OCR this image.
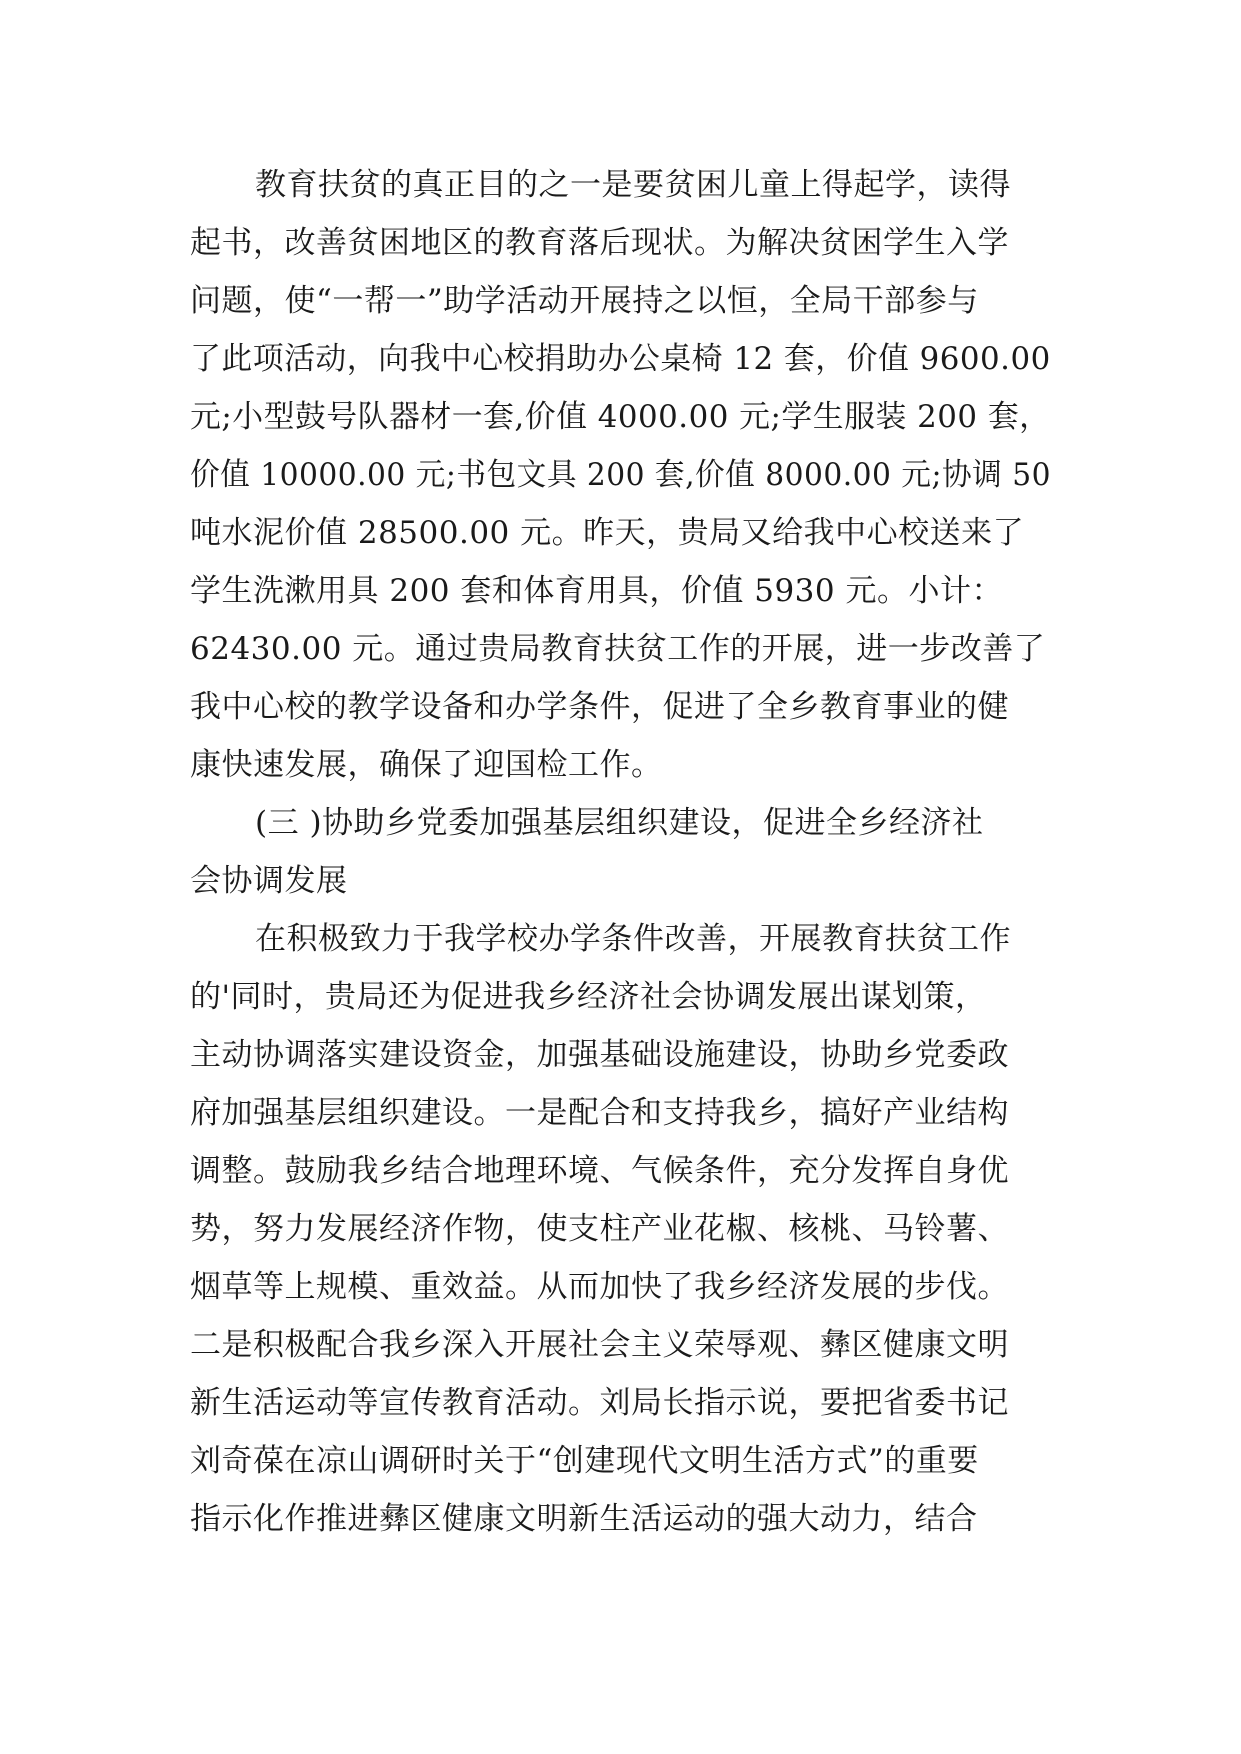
教育扶贫的真正目的之一是要贫困儿童上得起学，读得
起书，改善贫困地区的教育落后现状。为解决贫困学生入学
问题，使“一帮一”助学活动开展持之以恒，全局干部参与
了此项活动，向我中心校捐助办公桌椅 12 套，价值 9600.00
元;小型鼓号队器材一套,价值 4000.00 元;学生服装 200 套，
价值 10000.00 元;书包文具 200 套,价值 8000.00 元;协调 50
吨水泥价值 28500.00 元。昨天，贵局又给我中心校送来了
学生洗漱用具 200 套和体育用具，价值 5930 元。小计：
62430.00 元。通过贵局教育扶贫工作的开展，进一步改善了
我中心校的教学设备和办学条件，促进了全乡教育事业的健
康快速发展，确保了迎国检工作。
(三 )协助乡党委加强基层组织建设，促进全乡经济社
会协调发展
在积极致力于我学校办学条件改善，开展教育扶贫工作
的'同时，贵局还为促进我乡经济社会协调发展出谋划策，
主动协调落实建设资金，加强基础设施建设，协助乡党委政
府加强基层组织建设。一是配合和支持我乡，搞好产业结构
调整。鼓励我乡结合地理环境、气候条件，充分发挥自身优
势，努力发展经济作物，使支柱产业花椒、核桃、马铃薯、
烟草等上规模、重效益。从而加快了我乡经济发展的步伐。
二是积极配合我乡深入开展社会主义荣辱观、彝区健康文明
新生活运动等宣传教育活动。刘局长指示说，要把省委书记
刘奇葆在凉山调研时关于“创建现代文明生活方式”的重要
指示化作推进彝区健康文明新生活运动的强大动力，结合
